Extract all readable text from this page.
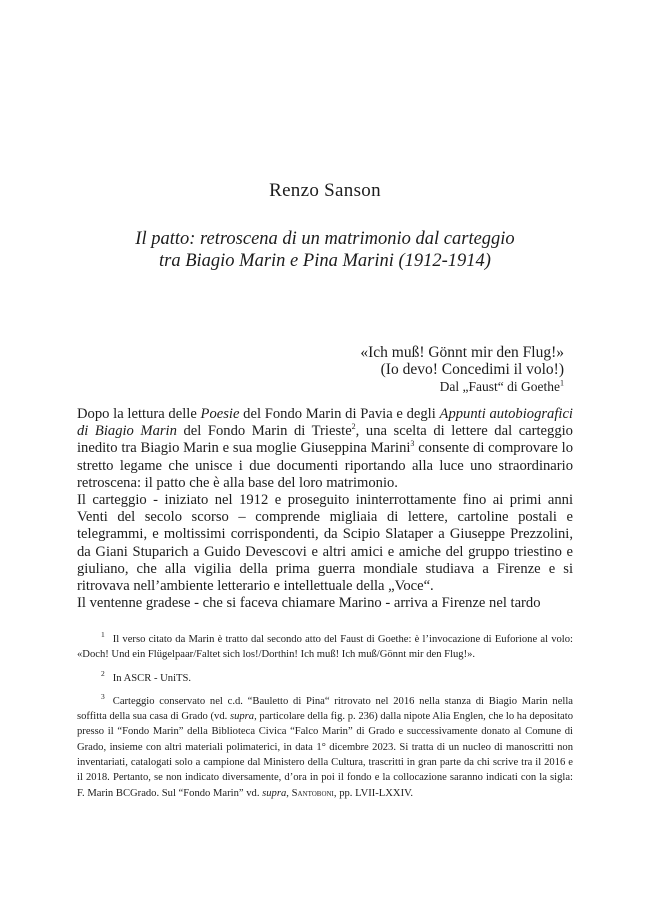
Renzo Sanson
Il patto: retroscena di un matrimonio dal carteggio
tra Biagio Marin e Pina Marini (1912-1914)
«Ich muß! Gönnt mir den Flug!»
(Io devo! Concedimi il volo!)
Dal „Faust“ di Goethe$^1$

Dopo la lettura delle Poesie del Fondo Marin di Pavia e degli Appunti autobiografici di Biagio Marin del Fondo Marin di Trieste$^2$, una scelta di lettere dal carteggio inedito tra Biagio Marin e sua moglie Giuseppina Marini$^3$ consente di comprovare lo stretto legame che unisce i due documenti riportando alla luce uno straordinario retroscena: il patto che è alla base del loro matrimonio.

Il carteggio - iniziato nel 1912 e proseguito ininterrottamente fino ai primi anni Venti del secolo scorso – comprende migliaia di lettere, cartoline postali e telegrammi, e moltissimi corrispondenti, da Scipio Slataper a Giuseppe Prezzolini, da Giani Stuparich a Guido Devescovi e altri amici e amiche del gruppo triestino e giuliano, che alla vigilia della prima guerra mondiale studiava a Firenze e si ritrovava nell’ambiente letterario e intellettuale della „Voce“.

Il ventenne gradese - che si faceva chiamare Marino - arriva a Firenze nel tardo

$^1$ Il verso citato da Marin è tratto dal secondo atto del Faust di Goethe: è l’invocazione di Euforione al volo: «Doch! Und ein Flügelpaar/Faltet sich los!/Dorthin! Ich muß! Ich muß/Gönnt mir den Flug!».

$^2$ In ASCR - UniTS.

$^3$ Carteggio conservato nel c.d. “Bauletto di Pina“ ritrovato nel 2016 nella stanza di Biagio Marin nella soffitta della sua casa di Grado (vd. supra, particolare della fig. p. 236) dalla nipote Alia Englen, che lo ha depositato presso il “Fondo Marin” della Biblioteca Civica “Falco Marin” di Grado e successivamente donato al Comune di Grado, insieme con altri materiali polimaterici, in data 1° dicembre 2023. Si tratta di un nucleo di manoscritti non inventariati, catalogati solo a campione dal Ministero della Cultura, trascritti in gran parte da chi scrive tra il 2016 e il 2018. Pertanto, se non indicato diversamente, d’ora in poi il fondo e la collocazione saranno indicati con la sigla: F. Marin BCGrado. Sul “Fondo Marin” vd. supra, Santoboni, pp. LVII-LXXIV.
